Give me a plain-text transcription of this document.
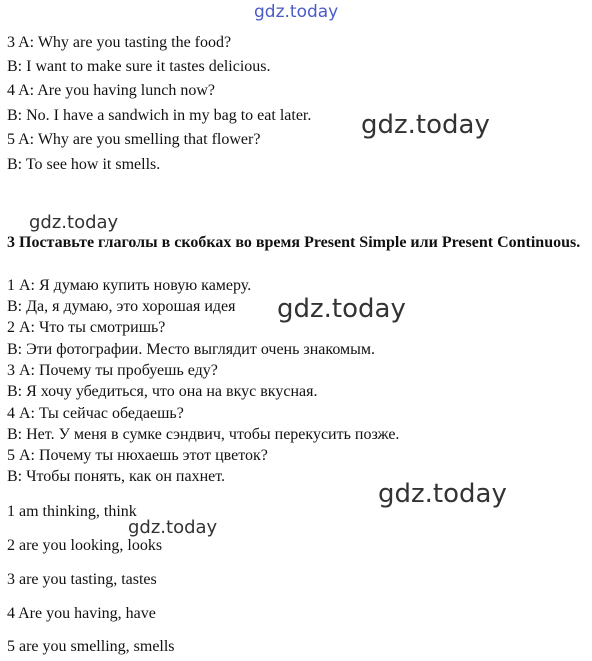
gdz.today
gdz.today
gdz.today
gdz.today
gdz.today
gdz.today
3 A: Why are you tasting the food?
B: I want to make sure it tastes delicious.
4 A: Are you having lunch now?
B: No. I have a sandwich in my bag to eat later.
5 A: Why are you smelling that flower?
B: To see how it smells.
3 Поставьте глаголы в скобках во время Present Simple или Present Continuous.
1 А: Я думаю купить новую камеру.
В: Да, я думаю, это хорошая идея
2 А: Что ты смотришь?
В: Эти фотографии. Место выглядит очень знакомым.
3 А: Почему ты пробуешь еду?
В: Я хочу убедиться, что она на вкус вкусная.
4 А: Ты сейчас обедаешь?
В: Нет. У меня в сумке сэндвич, чтобы перекусить позже.
5 А: Почему ты нюхаешь этот цветок?
В: Чтобы понять, как он пахнет.
1 am thinking, think
2 are you looking, looks
3 are you tasting, tastes
4 Are you having, have
5 are you smelling, smells
